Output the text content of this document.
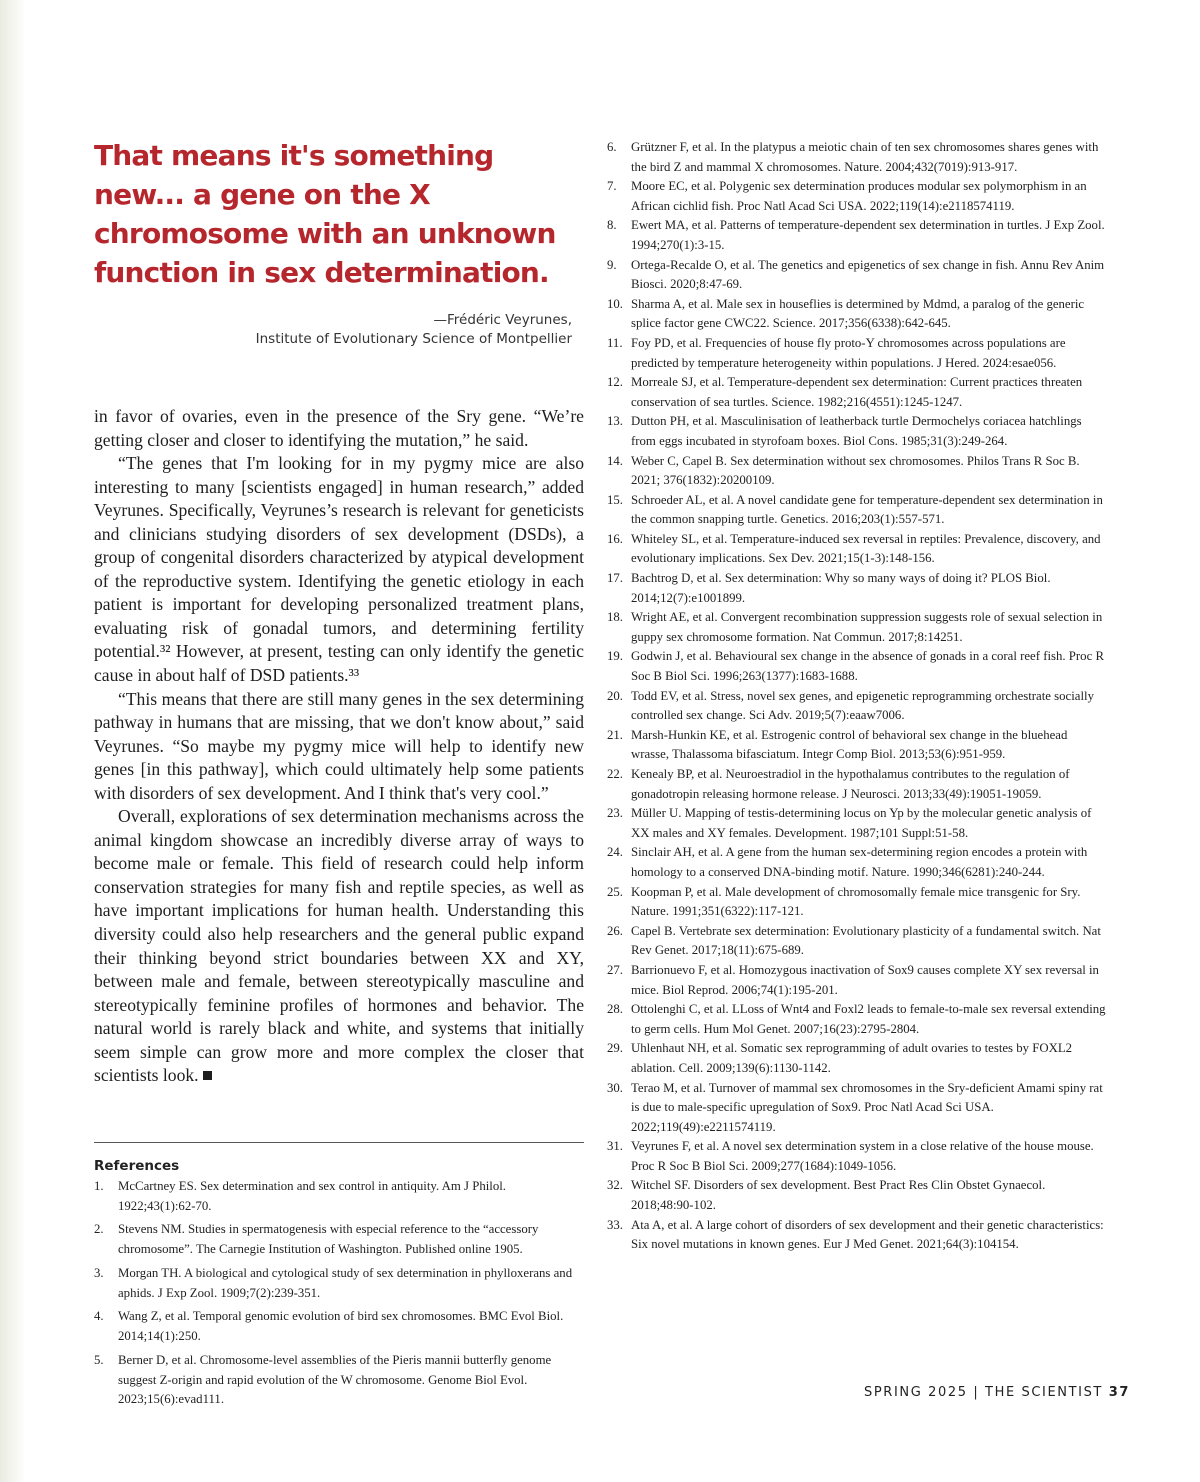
That means it's something new... a gene on the X chromosome with an unknown function in sex determination.

—Frédéric Veyrunes,
Institute of Evolutionary Science of Montpellier

in favor of ovaries, even in the presence of the Sry gene. “We’re getting closer and closer to identifying the mutation,” he said.

“The genes that I'm looking for in my pygmy mice are also interesting to many [scientists engaged] in human research,” added Veyrunes. Specifically, Veyrunes’s research is relevant for geneticists and clinicians studying disorders of sex development (DSDs), a group of congenital disorders characterized by atypical development of the reproductive system. Identifying the genetic etiology in each patient is important for developing personalized treatment plans, evaluating risk of gonadal tumors, and determining fertility potential.³² However, at present, testing can only identify the genetic cause in about half of DSD patients.³³

“This means that there are still many genes in the sex determining pathway in humans that are missing, that we don't know about,” said Veyrunes. “So maybe my pygmy mice will help to identify new genes [in this pathway], which could ultimately help some patients with disorders of sex development. And I think that's very cool.”

Overall, explorations of sex determination mechanisms across the animal kingdom showcase an incredibly diverse array of ways to become male or female. This field of research could help inform conservation strategies for many fish and reptile species, as well as have important implications for human health. Understanding this diversity could also help researchers and the general public expand their thinking beyond strict boundaries between XX and XY, between male and female, between stereotypically masculine and stereotypically feminine profiles of hormones and behavior. The natural world is rarely black and white, and systems that initially seem simple can grow more and more complex the closer that scientists look.

References
1.	McCartney ES. Sex determination and sex control in antiquity. Am J Philol. 1922;43(1):62-70.
2.	Stevens NM. Studies in spermatogenesis with especial reference to the “accessory chromosome”. The Carnegie Institution of Washington. Published online 1905.
3.	Morgan TH. A biological and cytological study of sex determination in phylloxerans and aphids. J Exp Zool. 1909;7(2):239-351.
4.	Wang Z, et al. Temporal genomic evolution of bird sex chromosomes. BMC Evol Biol. 2014;14(1):250.
5.	Berner D, et al. Chromosome-level assemblies of the Pieris mannii butterfly genome suggest Z-origin and rapid evolution of the W chromosome. Genome Biol Evol. 2023;15(6):evad111.
6.	Grützner F, et al. In the platypus a meiotic chain of ten sex chromosomes shares genes with the bird Z and mammal X chromosomes. Nature. 2004;432(7019):913-917.
7.	Moore EC, et al. Polygenic sex determination produces modular sex polymorphism in an African cichlid fish. Proc Natl Acad Sci USA. 2022;119(14):e2118574119.
8.	Ewert MA, et al. Patterns of temperature-dependent sex determination in turtles. J Exp Zool. 1994;270(1):3-15.
9.	Ortega-Recalde O, et al. The genetics and epigenetics of sex change in fish. Annu Rev Anim Biosci. 2020;8:47-69.
10. Sharma A, et al. Male sex in houseflies is determined by Mdmd, a paralog of the generic splice factor gene CWC22. Science. 2017;356(6338):642-645.
11. Foy PD, et al. Frequencies of house fly proto-Y chromosomes across populations are predicted by temperature heterogeneity within populations. J Hered. 2024:esae056.
12. Morreale SJ, et al. Temperature-dependent sex determination: Current practices threaten conservation of sea turtles. Science. 1982;216(4551):1245-1247.
13. Dutton PH, et al. Masculinisation of leatherback turtle Dermochelys coriacea hatchlings from eggs incubated in styrofoam boxes. Biol Cons. 1985;31(3):249-264.
14. Weber C, Capel B. Sex determination without sex chromosomes. Philos Trans R Soc B. 2021; 376(1832):20200109.
15. Schroeder AL, et al. A novel candidate gene for temperature-dependent sex determination in the common snapping turtle. Genetics. 2016;203(1):557-571.
16. Whiteley SL, et al. Temperature-induced sex reversal in reptiles: Prevalence, discovery, and evolutionary implications. Sex Dev. 2021;15(1-3):148-156.
17. Bachtrog D, et al. Sex determination: Why so many ways of doing it? PLOS Biol. 2014;12(7):e1001899.
18. Wright AE, et al. Convergent recombination suppression suggests role of sexual selection in guppy sex chromosome formation. Nat Commun. 2017;8:14251.
19. Godwin J, et al. Behavioural sex change in the absence of gonads in a coral reef fish. Proc R Soc B Biol Sci. 1996;263(1377):1683-1688.
20. Todd EV, et al. Stress, novel sex genes, and epigenetic reprogramming orchestrate socially controlled sex change. Sci Adv. 2019;5(7):eaaw7006.
21. Marsh-Hunkin KE, et al. Estrogenic control of behavioral sex change in the bluehead wrasse, Thalassoma bifasciatum. Integr Comp Biol. 2013;53(6):951-959.
22. Kenealy BP, et al. Neuroestradiol in the hypothalamus contributes to the regulation of gonadotropin releasing hormone release. J Neurosci. 2013;33(49):19051-19059.
23. Müller U. Mapping of testis-determining locus on Yp by the molecular genetic analysis of XX males and XY females. Development. 1987;101 Suppl:51-58.
24. Sinclair AH, et al. A gene from the human sex-determining region encodes a protein with homology to a conserved DNA-binding motif. Nature. 1990;346(6281):240-244.
25. Koopman P, et al. Male development of chromosomally female mice transgenic for Sry. Nature. 1991;351(6322):117-121.
26. Capel B. Vertebrate sex determination: Evolutionary plasticity of a fundamental switch. Nat Rev Genet. 2017;18(11):675-689.
27. Barrionuevo F, et al. Homozygous inactivation of Sox9 causes complete XY sex reversal in mice. Biol Reprod. 2006;74(1):195-201.
28. Ottolenghi C, et al. LLoss of Wnt4 and Foxl2 leads to female-to-male sex reversal extending to germ cells. Hum Mol Genet. 2007;16(23):2795-2804.
29. Uhlenhaut NH, et al. Somatic sex reprogramming of adult ovaries to testes by FOXL2 ablation. Cell. 2009;139(6):1130-1142.
30. Terao M, et al. Turnover of mammal sex chromosomes in the Sry-deficient Amami spiny rat is due to male-specific upregulation of Sox9. Proc Natl Acad Sci USA. 2022;119(49):e2211574119.
31. Veyrunes F, et al. A novel sex determination system in a close relative of the house mouse. Proc R Soc B Biol Sci. 2009;277(1684):1049-1056.
32. Witchel SF. Disorders of sex development. Best Pract Res Clin Obstet Gynaecol. 2018;48:90-102.
33. Ata A, et al. A large cohort of disorders of sex development and their genetic characteristics: Six novel mutations in known genes. Eur J Med Genet. 2021;64(3):104154.
SPRING 2025 | THE SCIENTIST 37
